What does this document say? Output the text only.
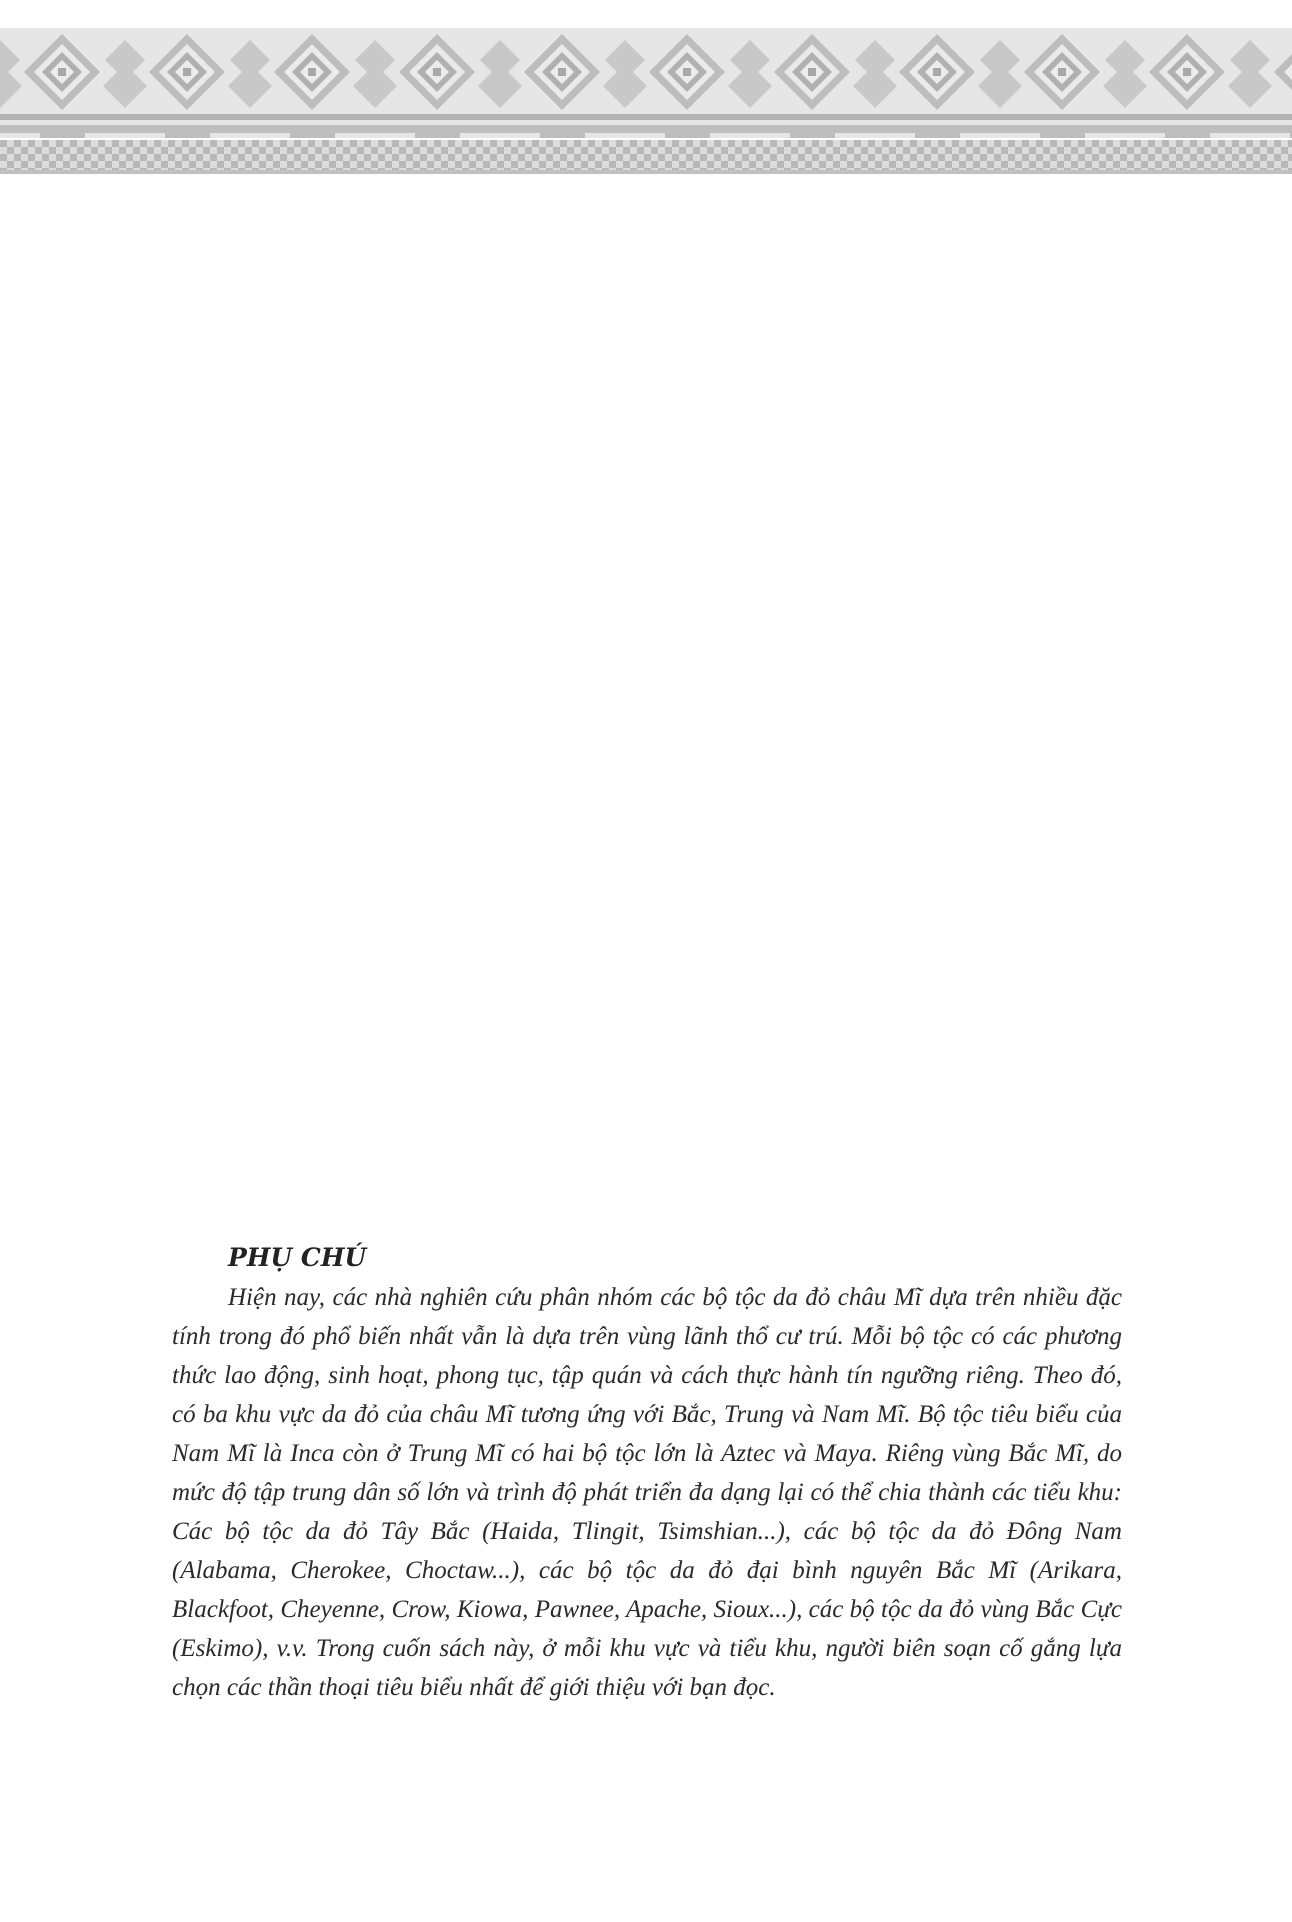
PHỤ CHÚ

Hiện nay, các nhà nghiên cứu phân nhóm các bộ tộc da đỏ châu Mĩ dựa trên nhiều đặc tính trong đó phổ biến nhất vẫn là dựa trên vùng lãnh thổ cư trú. Mỗi bộ tộc có các phương thức lao động, sinh hoạt, phong tục, tập quán và cách thực hành tín ngưỡng riêng. Theo đó, có ba khu vực da đỏ của châu Mĩ tương ứng với Bắc, Trung và Nam Mĩ. Bộ tộc tiêu biểu của Nam Mĩ là Inca còn ở Trung Mĩ có hai bộ tộc lớn là Aztec và Maya. Riêng vùng Bắc Mĩ, do mức độ tập trung dân số lớn và trình độ phát triển đa dạng lại có thể chia thành các tiểu khu: Các bộ tộc da đỏ Tây Bắc (Haida, Tlingit, Tsimshian...), các bộ tộc da đỏ Đông Nam (Alabama, Cherokee, Choctaw...), các bộ tộc da đỏ đại bình nguyên Bắc Mĩ (Arikara, Blackfoot, Cheyenne, Crow, Kiowa, Pawnee, Apache, Sioux...), các bộ tộc da đỏ vùng Bắc Cực (Eskimo), v.v. Trong cuốn sách này, ở mỗi khu vực và tiểu khu, người biên soạn cố gắng lựa chọn các thần thoại tiêu biểu nhất để giới thiệu với bạn đọc.
